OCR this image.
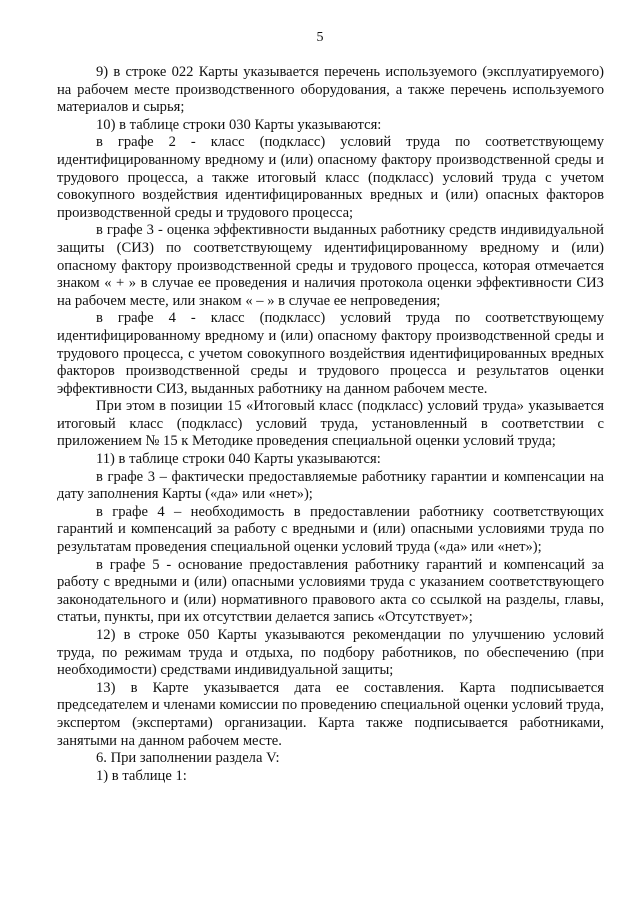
5

9) в строке 022 Карты указывается перечень используемого (эксплуатируемого) на рабочем месте производственного оборудования, а также перечень используемого материалов и сырья;

10) в таблице строки 030 Карты указываются:

в графе 2 - класс (подкласс) условий труда по соответствующему идентифицированному вредному и (или) опасному фактору производственной среды и трудового процесса, а также итоговый класс (подкласс) условий труда с учетом совокупного воздействия идентифицированных вредных и (или) опасных факторов производственной среды и трудового процесса;

в графе 3 - оценка эффективности выданных работнику средств индивидуальной защиты (СИЗ) по соответствующему идентифицированному вредному и (или) опасному фактору производственной среды и трудового процесса, которая отмечается знаком « + » в случае ее проведения и наличия протокола оценки эффективности СИЗ на рабочем месте, или знаком « – » в случае ее непроведения;

в графе 4 - класс (подкласс) условий труда по соответствующему идентифицированному вредному и (или) опасному фактору производственной среды и трудового процесса, с учетом совокупного воздействия идентифицированных вредных факторов производственной среды и трудового процесса и результатов оценки эффективности СИЗ, выданных работнику на данном рабочем месте.

При этом в позиции 15 «Итоговый класс (подкласс) условий труда» указывается итоговый класс (подкласс) условий труда, установленный в соответствии с приложением № 15 к Методике проведения специальной оценки условий труда;

11) в таблице строки 040 Карты указываются:

в графе 3 – фактически предоставляемые работнику гарантии и компенсации на дату заполнения Карты («да» или «нет»);

в графе 4 – необходимость в предоставлении работнику соответствующих гарантий и компенсаций за работу с вредными и (или) опасными условиями труда по результатам проведения специальной оценки условий труда («да» или «нет»);

в графе 5 - основание предоставления работнику гарантий и компенсаций за работу с вредными и (или) опасными условиями труда с указанием соответствующего законодательного и (или) нормативного правового акта со ссылкой на разделы, главы, статьи, пункты, при их отсутствии делается запись «Отсутствует»;

12) в строке 050 Карты указываются рекомендации по улучшению условий труда, по режимам труда и отдыха, по подбору работников, по обеспечению (при необходимости) средствами индивидуальной защиты;

13) в Карте указывается дата ее составления. Карта подписывается председателем и членами комиссии по проведению специальной оценки условий труда, экспертом (экспертами) организации. Карта также подписывается работниками, занятыми на данном рабочем месте.

6. При заполнении раздела V:

1) в таблице 1:
